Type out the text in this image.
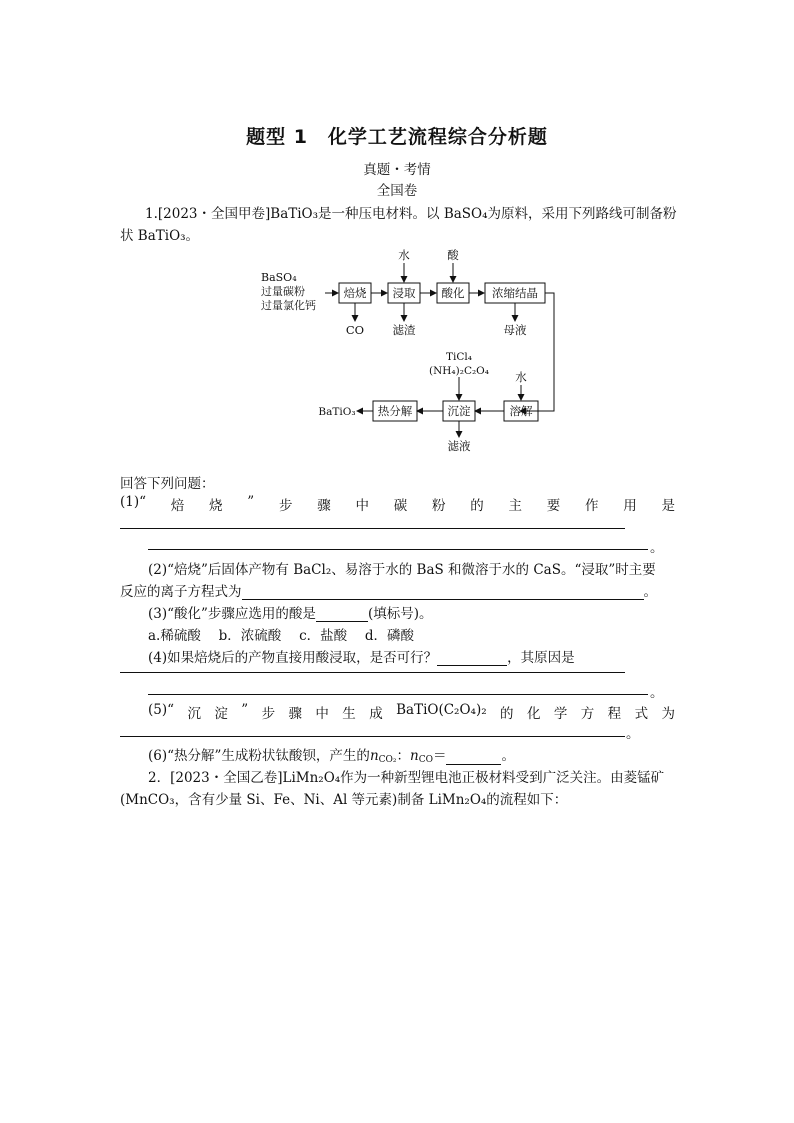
题型 1　化学工艺流程综合分析题
真题・考情
全国卷
1.[2023・全国甲卷]BaTiO₃是一种压电材料。以 BaSO₄为原料，采用下列路线可制备粉
状 BaTiO₃。
BaSO₄
过量碳粉
过量氯化钙
焙烧 浸取 酸化 浓缩结晶
溶解
沉淀
热分解
水	酸
CO 滤渣	母液
水
TiCl₄
(NH₄)₂C₂O₄
滤液
BaTiO₃
回答下列问题：
(1)“ 焙 烧 ” 步 骤 中 碳 粉 的 主 要 作 用 是
。
(2)“焙烧”后固体产物有 BaCl₂、易溶于水的 BaS 和微溶于水的 CaS。“浸取”时主要
反应的离子方程式为	。
(3)“酸化”步骤应选用的酸是	(填标号)。
a.稀硫酸　 b．浓硫酸　 c．盐酸　 d．磷酸
(4)如果焙烧后的产物直接用酸浸取，是否可行？	，其原因是
。
(5)“ 沉 淀 ” 步 骤 中 生 成 BaTiO(C₂O₄)₂ 的 化 学 方 程 式 为
。
(6)“热分解”生成粉状钛酸钡，产生的$n_{CO_2}$：$n_{CO}=$	。
2．[2023・全国乙卷]LiMn₂O₄作为一种新型锂电池正极材料受到广泛关注。由菱锰矿
(MnCO₃，含有少量 Si、Fe、Ni、Al 等元素)制备 LiMn₂O₄的流程如下：
